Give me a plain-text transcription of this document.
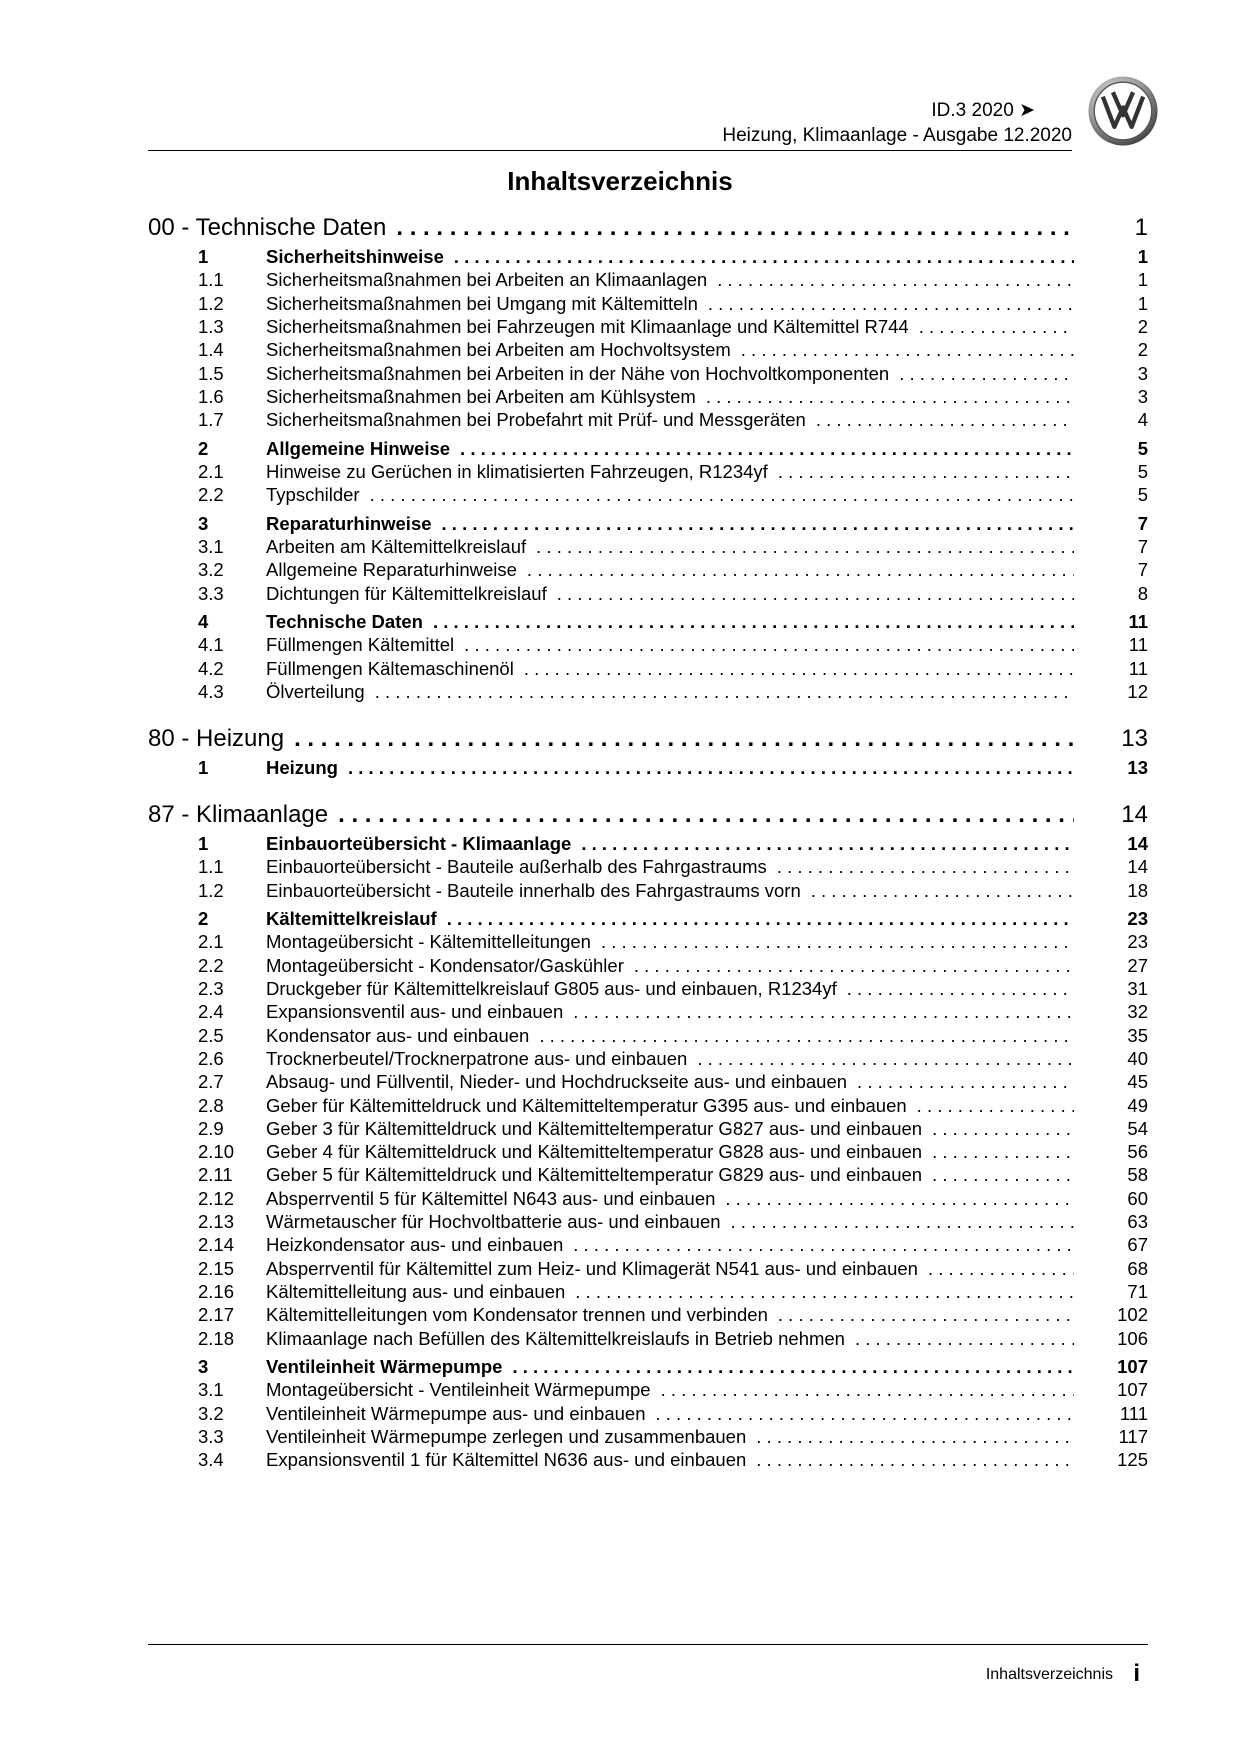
ID.3 2020 ➤
Heizung, Klimaanlage - Ausgabe 12.2020
Inhaltsverzeichnis
00 - Technische Daten . . .	1
1	Sicherheitshinweise . . .	1
1.1	Sicherheitsmaßnahmen bei Arbeiten an Klimaanlagen . . .	1
1.2	Sicherheitsmaßnahmen bei Umgang mit Kältemitteln . . .	1
1.3	Sicherheitsmaßnahmen bei Fahrzeugen mit Klimaanlage und Kältemittel R744 . . .	2
1.4	Sicherheitsmaßnahmen bei Arbeiten am Hochvoltsystem . . .	2
1.5	Sicherheitsmaßnahmen bei Arbeiten in der Nähe von Hochvoltkomponenten . . .	3
1.6	Sicherheitsmaßnahmen bei Arbeiten am Kühlsystem . . .	3
1.7	Sicherheitsmaßnahmen bei Probefahrt mit Prüf- und Messgeräten . . .	4
2	Allgemeine Hinweise . . .	5
2.1	Hinweise zu Gerüchen in klimatisierten Fahrzeugen, R1234yf . . .	5
2.2	Typschilder . . .	5
3	Reparaturhinweise . . .	7
3.1	Arbeiten am Kältemittelkreislauf . . .	7
3.2	Allgemeine Reparaturhinweise . . .	7
3.3	Dichtungen für Kältemittelkreislauf . . .	8
4	Technische Daten . . .	11
4.1	Füllmengen Kältemittel . . .	11
4.2	Füllmengen Kältemaschinenöl . . .	11
4.3	Ölverteilung . . .	12
80 - Heizung . . .	13
1	Heizung . . .	13
87 - Klimaanlage . . .	14
1	Einbauorteübersicht - Klimaanlage . . .	14
1.1	Einbauorteübersicht - Bauteile außerhalb des Fahrgastraums . . .	14
1.2	Einbauorteübersicht - Bauteile innerhalb des Fahrgastraums vorn . . .	18
2	Kältemittelkreislauf . . .	23
2.1	Montageübersicht - Kältemittelleitungen . . .	23
2.2	Montageübersicht - Kondensator/Gaskühler . . .	27
2.3	Druckgeber für Kältemittelkreislauf G805 aus- und einbauen, R1234yf . . .	31
2.4	Expansionsventil aus- und einbauen . . .	32
2.5	Kondensator aus- und einbauen . . .	35
2.6	Trocknerbeutel/Trocknerpatrone aus- und einbauen . . .	40
2.7	Absaug- und Füllventil, Nieder- und Hochdruckseite aus- und einbauen . . .	45
2.8	Geber für Kältemitteldruck und Kältemitteltemperatur G395 aus- und einbauen . . .	49
2.9	Geber 3 für Kältemitteldruck und Kältemitteltemperatur G827 aus- und einbauen . . .	54
2.10	Geber 4 für Kältemitteldruck und Kältemitteltemperatur G828 aus- und einbauen . . .	56
2.11	Geber 5 für Kältemitteldruck und Kältemitteltemperatur G829 aus- und einbauen . . .	58
2.12	Absperrventil 5 für Kältemittel N643 aus- und einbauen . . .	60
2.13	Wärmetauscher für Hochvoltbatterie aus- und einbauen . . .	63
2.14	Heizkondensator aus- und einbauen . . .	67
2.15	Absperrventil für Kältemittel zum Heiz- und Klimagerät N541 aus- und einbauen . . .	68
2.16	Kältemittelleitung aus- und einbauen . . .	71
2.17	Kältemittelleitungen vom Kondensator trennen und verbinden . . .	102
2.18	Klimaanlage nach Befüllen des Kältemittelkreislaufs in Betrieb nehmen . . .	106
3	Ventileinheit Wärmepumpe . . .	107
3.1	Montageübersicht - Ventileinheit Wärmepumpe . . .	107
3.2	Ventileinheit Wärmepumpe aus- und einbauen . . .	111
3.3	Ventileinheit Wärmepumpe zerlegen und zusammenbauen . . .	117
3.4	Expansionsventil 1 für Kältemittel N636 aus- und einbauen . . .	125
Inhaltsverzeichnis i
